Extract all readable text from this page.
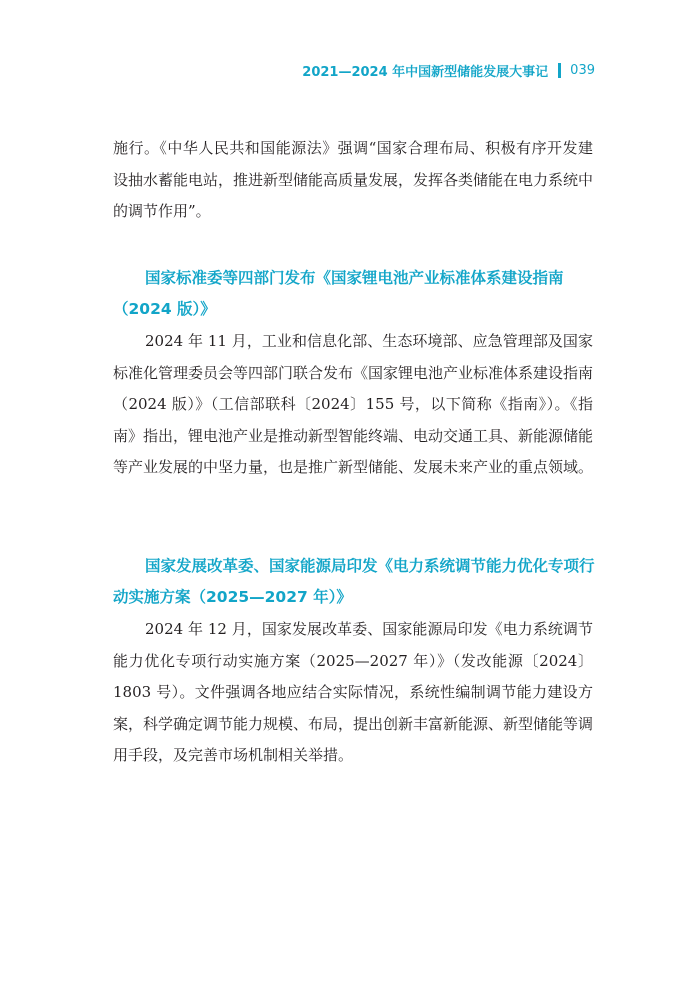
2021—2024 年中国新型储能发展大事记 039

施行。《中华人民共和国能源法》强调“国家合理布局、积极有序开发建设抽水蓄能电站，推进新型储能高质量发展，发挥各类储能在电力系统中的调节作用”。

国家标准委等四部门发布《国家锂电池产业标准体系建设指南（2024 版）》

2024 年 11 月，工业和信息化部、生态环境部、应急管理部及国家标准化管理委员会等四部门联合发布《国家锂电池产业标准体系建设指南（2024 版）》（工信部联科〔2024〕155 号，以下简称《指南》）。《指南》指出，锂电池产业是推动新型智能终端、电动交通工具、新能源储能等产业发展的中坚力量，也是推广新型储能、发展未来产业的重点领域。

国家发展改革委、国家能源局印发《电力系统调节能力优化专项行动实施方案（2025—2027 年）》

2024 年 12 月，国家发展改革委、国家能源局印发《电力系统调节能力优化专项行动实施方案（2025—2027 年）》（发改能源〔2024〕1803 号）。文件强调各地应结合实际情况，系统性编制调节能力建设方案，科学确定调节能力规模、布局，提出创新丰富新能源、新型储能等调用手段，及完善市场机制相关举措。
